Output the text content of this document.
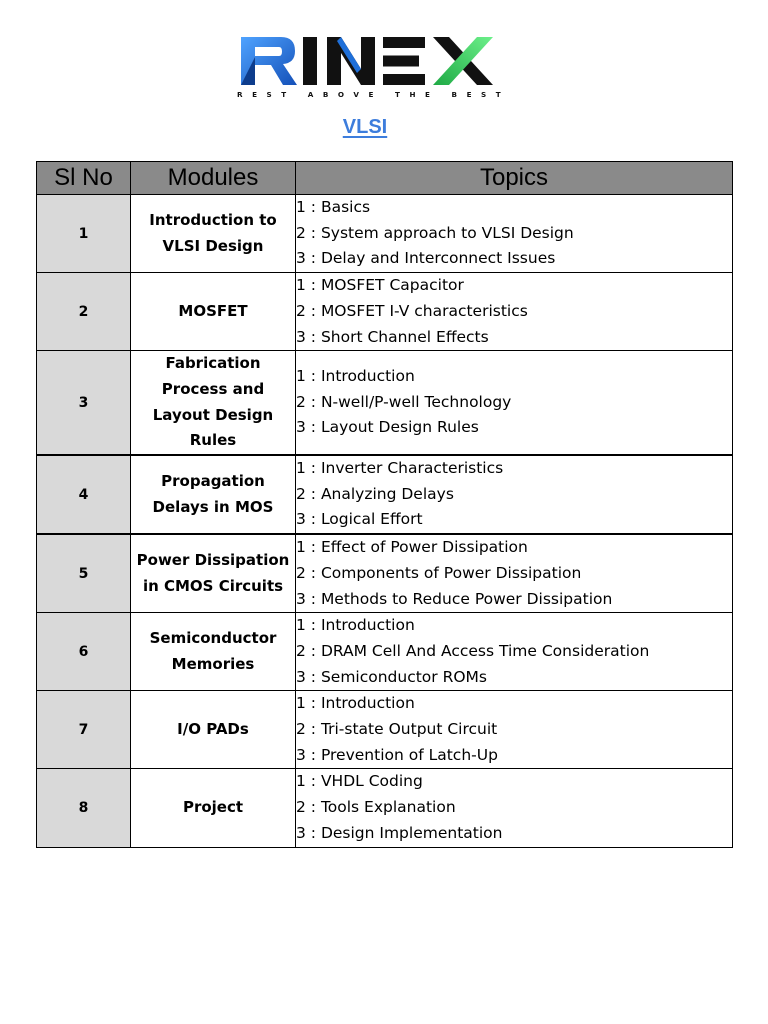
REST ABOVE THE BEST
VLSI
Sl No	Modules	Topics
1	Introduction to VLSI Design	1 : Basics
2 : System approach to VLSI Design
3 : Delay and Interconnect Issues

2	MOSFET	1 : MOSFET Capacitor
2 : MOSFET I-V characteristics
3 : Short Channel Effects

3	Fabrication Process and Layout Design Rules	1 : Introduction
2 : N-well/P-well Technology
3 : Layout Design Rules

4	Propagation Delays in MOS	1 : Inverter Characteristics
2 : Analyzing Delays
3 : Logical Effort

5	Power Dissipation in CMOS Circuits	1 : Effect of Power Dissipation
2 : Components of Power Dissipation
3 : Methods to Reduce Power Dissipation

6	Semiconductor Memories	1 : Introduction
2 : DRAM Cell And Access Time Consideration
3 : Semiconductor ROMs

7	I/O PADs	1 : Introduction
2 : Tri-state Output Circuit
3 : Prevention of Latch-Up

8	Project	1 : VHDL Coding
2 : Tools Explanation
3 : Design Implementation
